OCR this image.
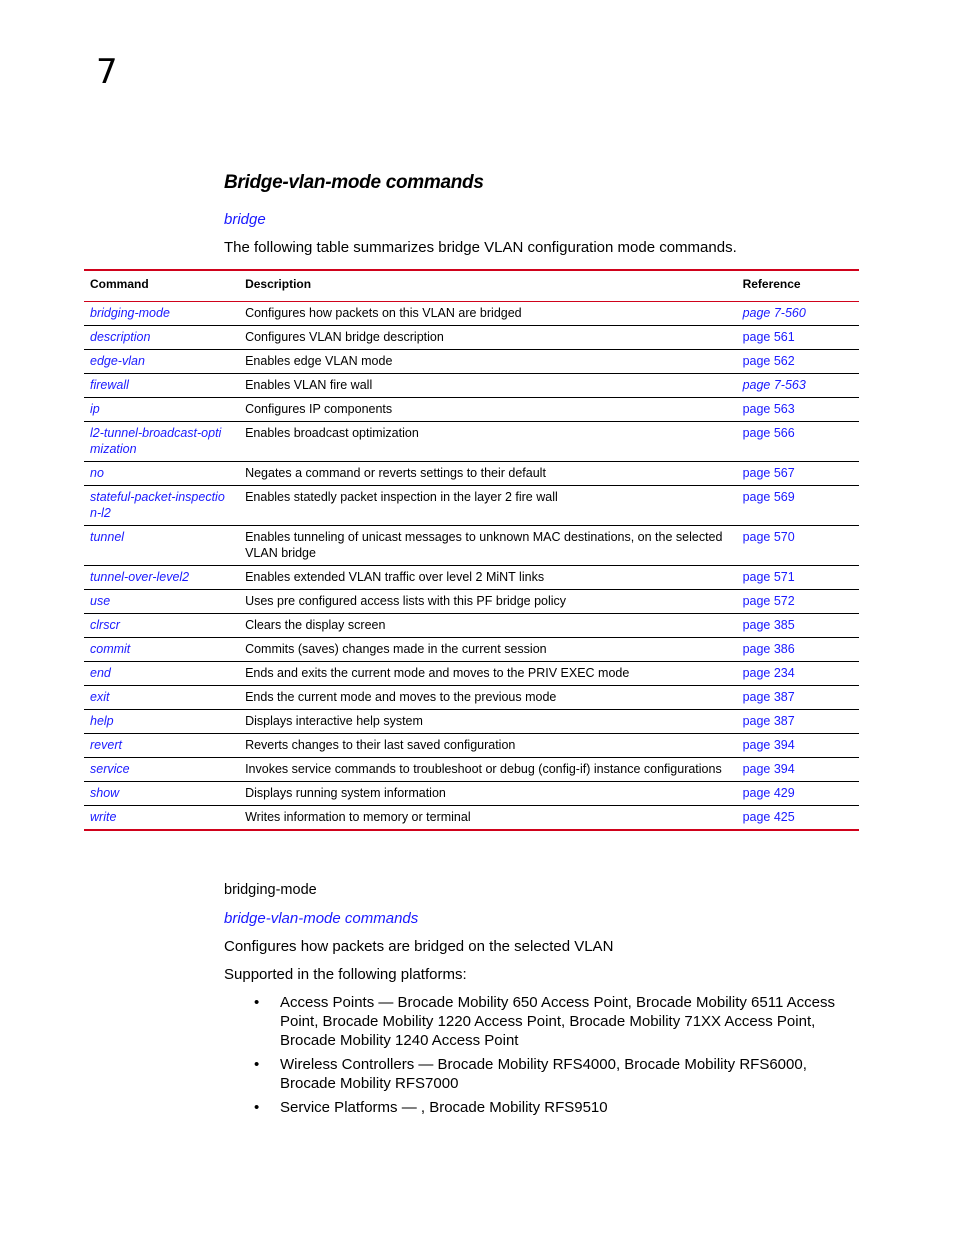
7
Bridge-vlan-mode commands
bridge
The following table summarizes bridge VLAN configuration mode commands.
Command	Description	Reference
bridging-mode	Configures how packets on this VLAN are bridged	page 7-560
description	Configures VLAN bridge description	page 561
edge-vlan	Enables edge VLAN mode	page 562
firewall	Enables VLAN fire wall	page 7-563
ip	Configures IP components	page 563
l2-tunnel-broadcast-opti
mization	Enables broadcast optimization	page 566
no	Negates a command or reverts settings to their default	page 567
stateful-packet-inspectio
n-l2	Enables statedly packet inspection in the layer 2 fire wall	page 569
tunnel	Enables tunneling of unicast messages to unknown MAC destinations, on the selected VLAN bridge	page 570
tunnel-over-level2	Enables extended VLAN traffic over level 2 MiNT links	page 571
use	Uses pre configured access lists with this PF bridge policy	page 572
clrscr	Clears the display screen	page 385
commit	Commits (saves) changes made in the current session	page 386
end	Ends and exits the current mode and moves to the PRIV EXEC mode	page 234
exit	Ends the current mode and moves to the previous mode	page 387
help	Displays interactive help system	page 387
revert	Reverts changes to their last saved configuration	page 394
service	Invokes service commands to troubleshoot or debug (config-if) instance configurations	page 394
show	Displays running system information	page 429
write	Writes information to memory or terminal	page 425
bridging-mode
bridge-vlan-mode commands
Configures how packets are bridged on the selected VLAN
Supported in the following platforms:
• Access Points — Brocade Mobility 650 Access Point, Brocade Mobility 6511 Access Point, Brocade Mobility 1220 Access Point, Brocade Mobility 71XX Access Point, Brocade Mobility 1240 Access Point
• Wireless Controllers — Brocade Mobility RFS4000, Brocade Mobility RFS6000, Brocade Mobility RFS7000
• Service Platforms — , Brocade Mobility RFS9510
